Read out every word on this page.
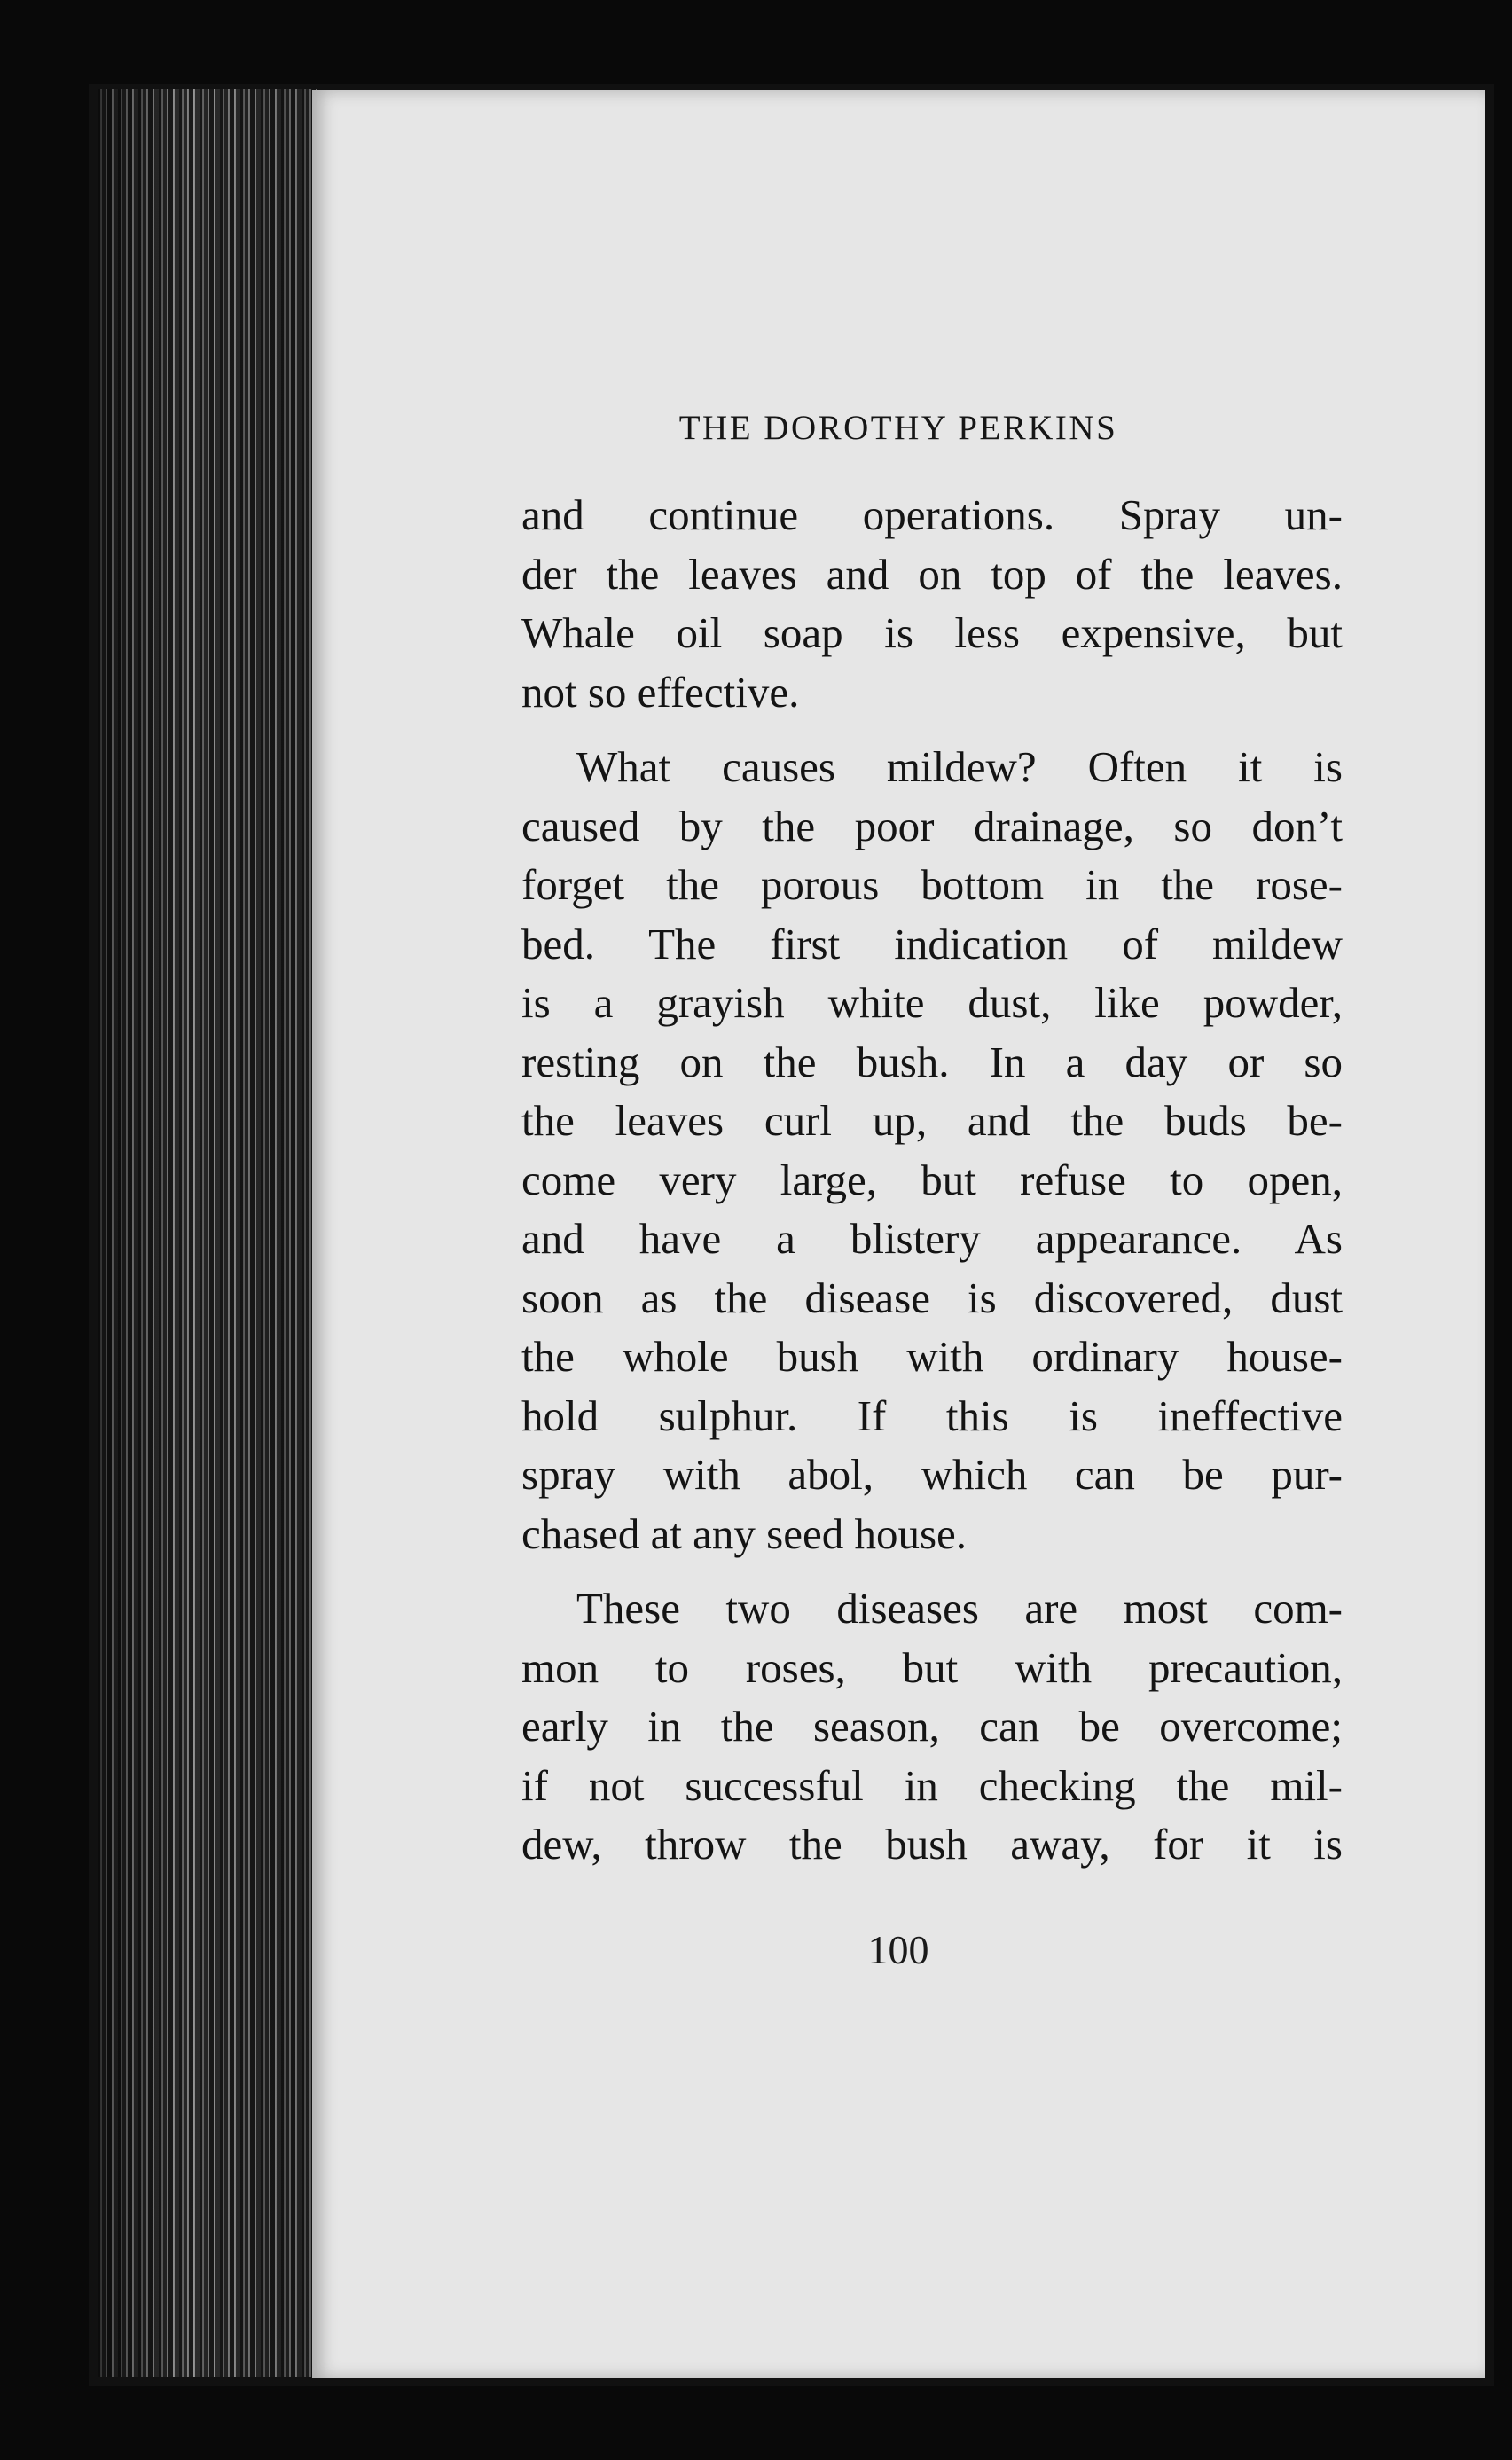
THE DOROTHY PERKINS
and continue operations. Spray un-
der the leaves and on top of the leaves.
Whale oil soap is less expensive, but
not so effective.
What causes mildew? Often it is
caused by the poor drainage, so don’t
forget the porous bottom in the rose-
bed. The first indication of mildew
is a grayish white dust, like powder,
resting on the bush. In a day or so
the leaves curl up, and the buds be-
come very large, but refuse to open,
and have a blistery appearance. As
soon as the disease is discovered, dust
the whole bush with ordinary house-
hold sulphur. If this is ineffective
spray with abol, which can be pur-
chased at any seed house.
These two diseases are most com-
mon to roses, but with precaution,
early in the season, can be overcome;
if not successful in checking the mil-
dew, throw the bush away, for it is
100
